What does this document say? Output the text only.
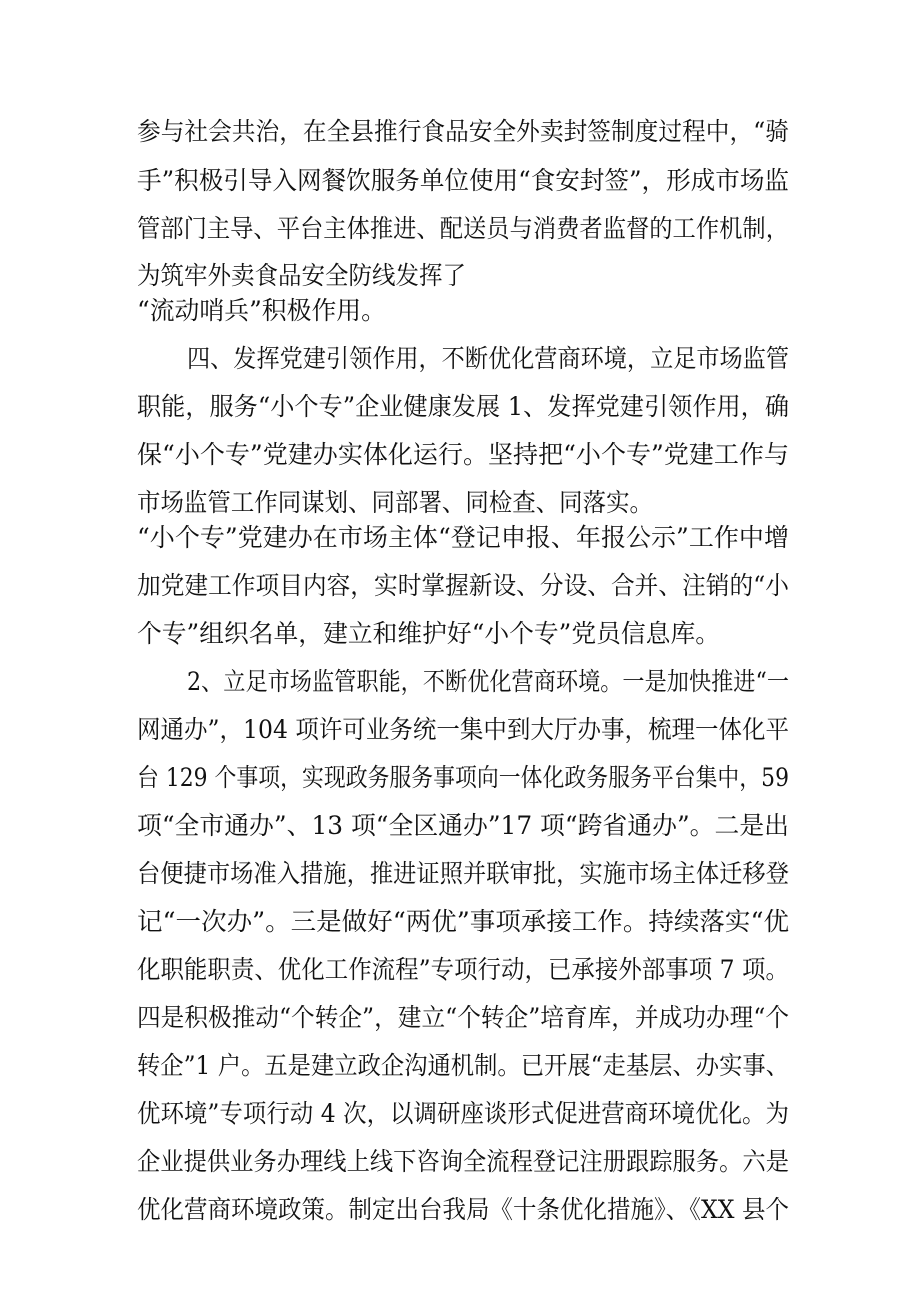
参与社会共治，在全县推行食品安全外卖封签制度过程中，“骑
手”积极引导入网餐饮服务单位使用“食安封签”，形成市场监
管部门主导、平台主体推进、配送员与消费者监督的工作机制，
为筑牢外卖食品安全防线发挥了
“流动哨兵”积极作用。
四、发挥党建引领作用，不断优化营商环境，立足市场监管
职能，服务“小个专”企业健康发展 1、发挥党建引领作用，确
保“小个专”党建办实体化运行。坚持把“小个专”党建工作与
市场监管工作同谋划、同部署、同检查、同落实。
“小个专”党建办在市场主体“登记申报、年报公示”工作中增
加党建工作项目内容，实时掌握新设、分设、合并、注销的“小
个专”组织名单，建立和维护好“小个专”党员信息库。
2、立足市场监管职能，不断优化营商环境。一是加快推进“一
网通办”，104 项许可业务统一集中到大厅办事，梳理一体化平
台 129 个事项，实现政务服务事项向一体化政务服务平台集中，59
项“全市通办”、13 项“全区通办”17 项“跨省通办”。二是出
台便捷市场准入措施，推进证照并联审批，实施市场主体迁移登
记“一次办”。三是做好“两优”事项承接工作。持续落实“优
化职能职责、优化工作流程”专项行动，已承接外部事项 7 项。
四是积极推动“个转企”，建立“个转企”培育库，并成功办理“个
转企”1 户。五是建立政企沟通机制。已开展“走基层、办实事、
优环境”专项行动 4 次，以调研座谈形式促进营商环境优化。为
企业提供业务办理线上线下咨询全流程登记注册跟踪服务。六是
优化营商环境政策。制定出台我局《十条优化措施》、《XX 县个
